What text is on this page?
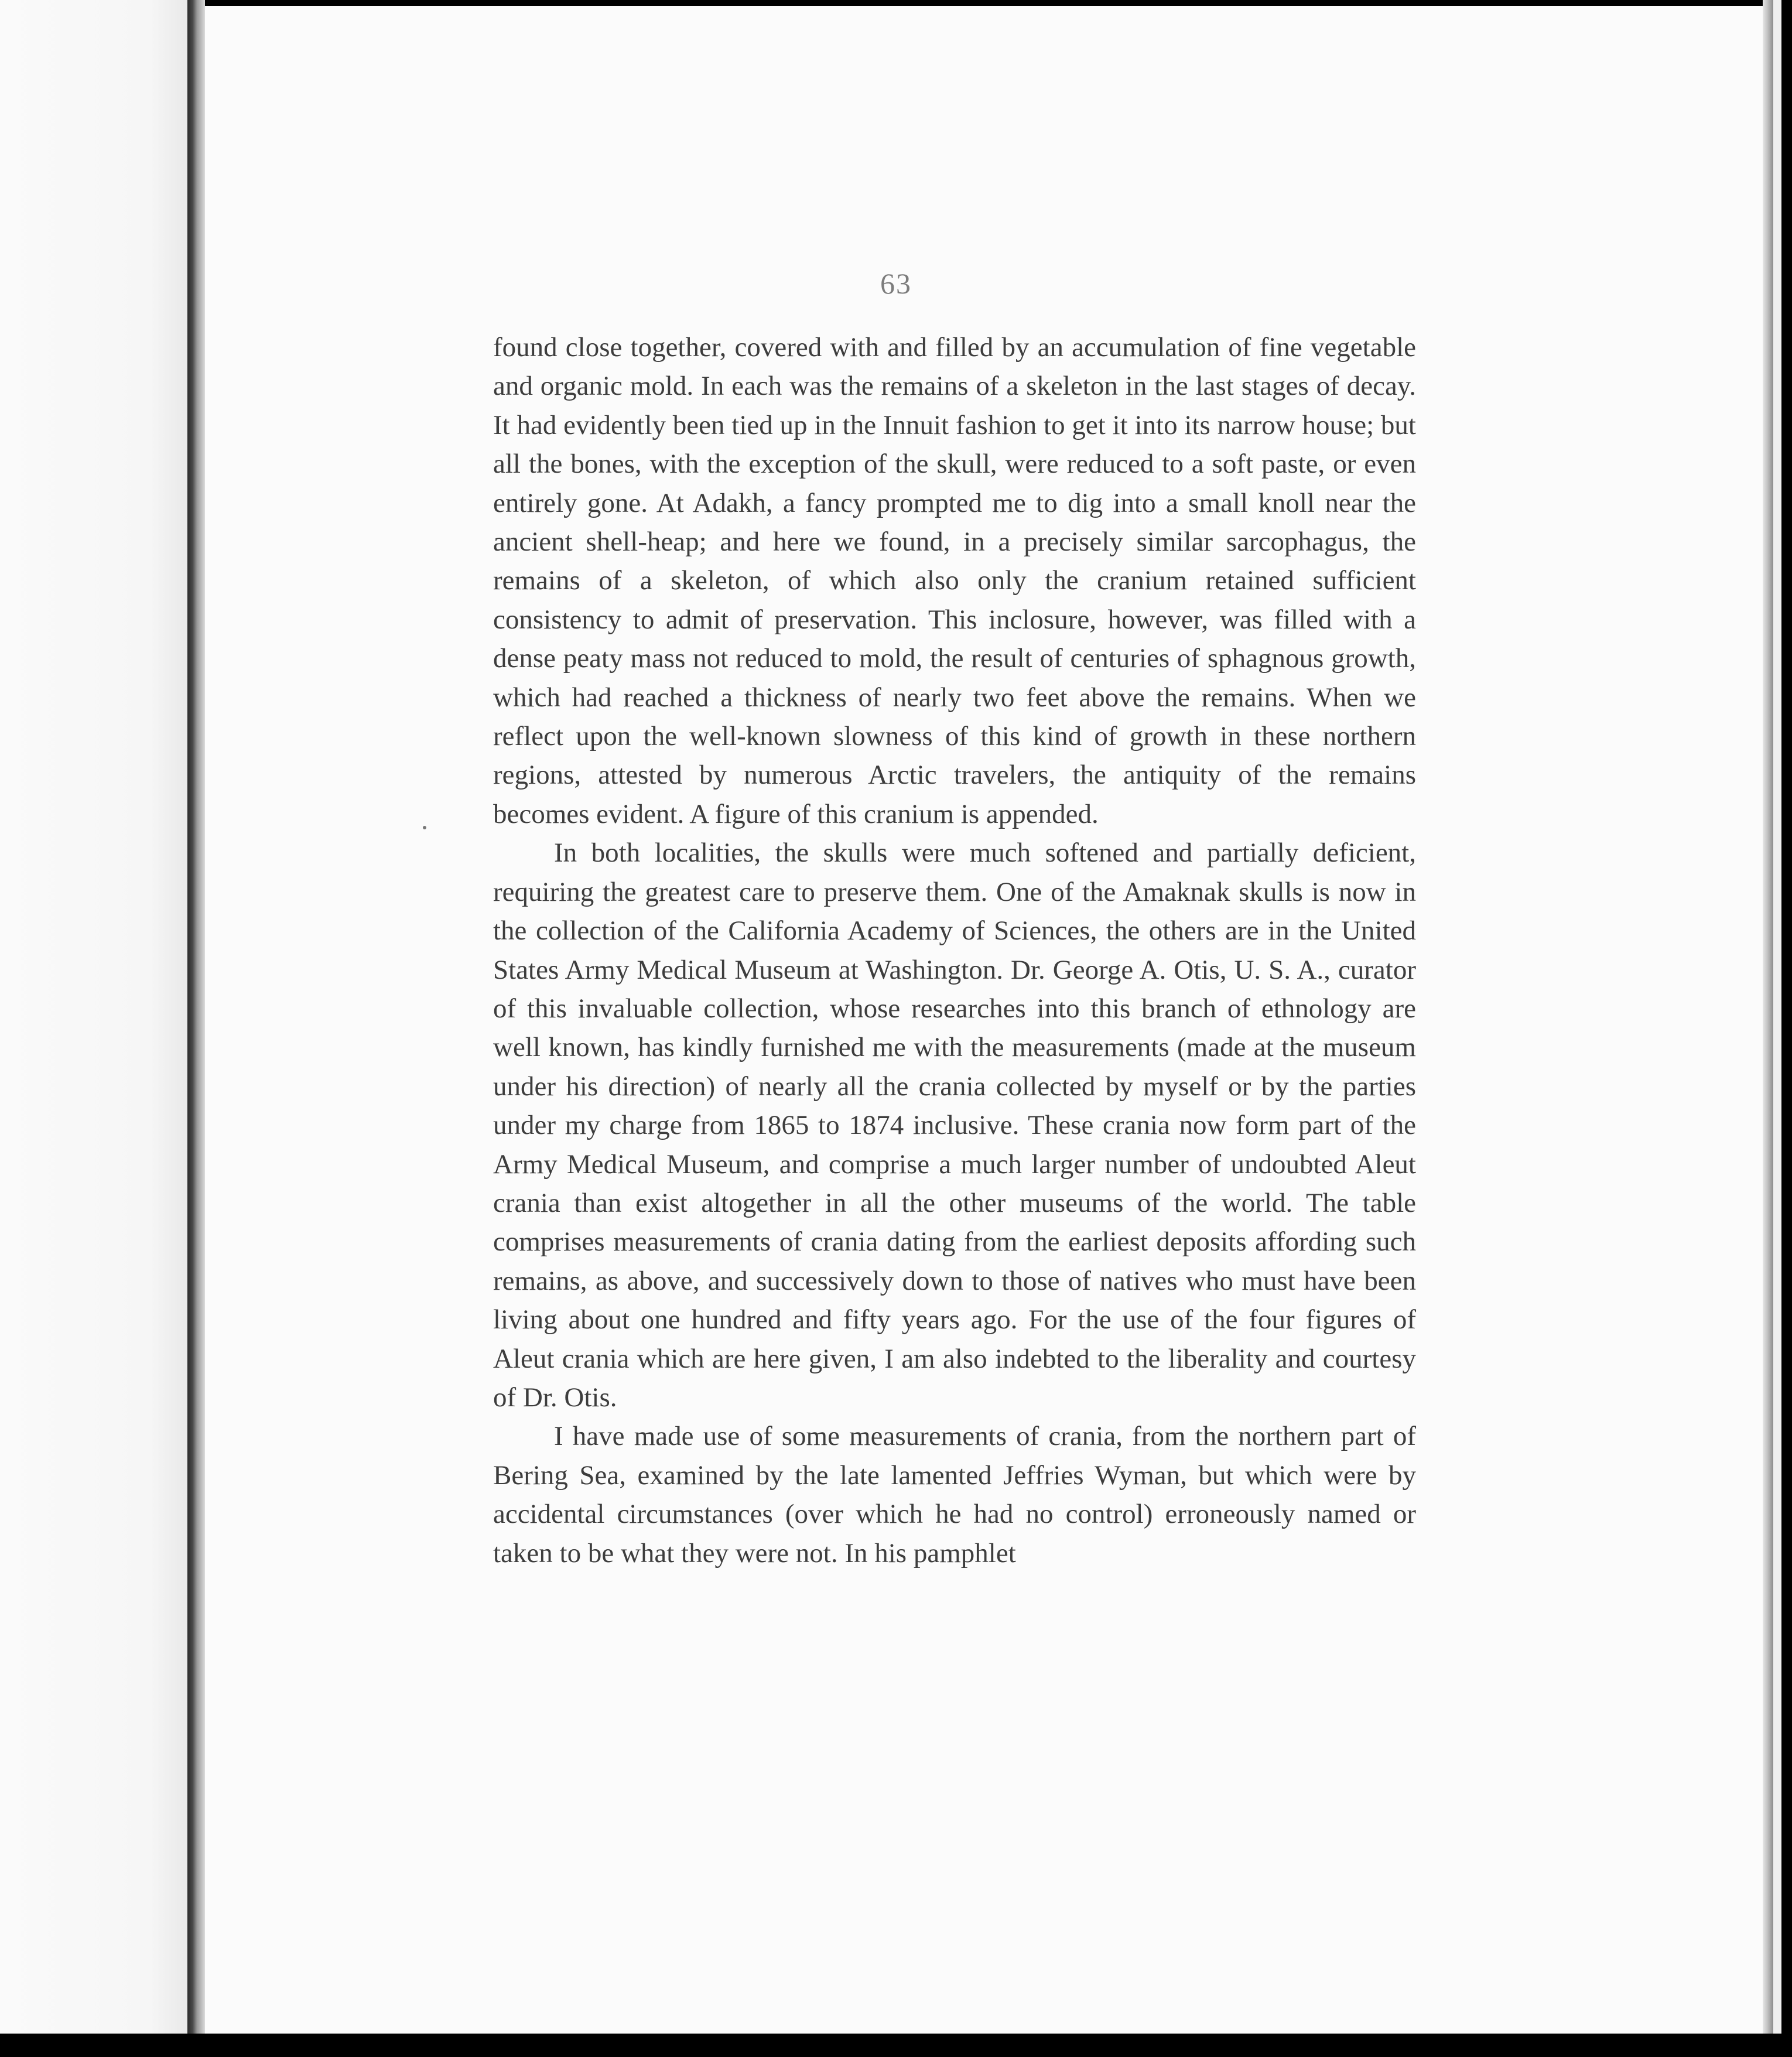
63

found close together, covered with and filled by an accumulation of fine vegetable and organic mold. In each was the remains of a skeleton in the last stages of decay. It had evidently been tied up in the Innuit fashion to get it into its narrow house; but all the bones, with the exception of the skull, were reduced to a soft paste, or even entirely gone. At Adakh, a fancy prompted me to dig into a small knoll near the ancient shell-heap; and here we found, in a precisely similar sarcophagus, the remains of a skeleton, of which also only the cranium retained sufficient consistency to admit of preservation. This inclosure, however, was filled with a dense peaty mass not reduced to mold, the result of centuries of sphagnous growth, which had reached a thickness of nearly two feet above the remains. When we reflect upon the well-known slowness of this kind of growth in these northern regions, attested by numerous Arctic travelers, the antiquity of the remains becomes evident. A figure of this cranium is appended.

In both localities, the skulls were much softened and partially deficient, requiring the greatest care to preserve them. One of the Amaknak skulls is now in the collection of the California Academy of Sciences, the others are in the United States Army Medical Museum at Washington. Dr. George A. Otis, U. S. A., curator of this invaluable collection, whose researches into this branch of ethnology are well known, has kindly furnished me with the measurements (made at the museum under his direction) of nearly all the crania collected by myself or by the parties under my charge from 1865 to 1874 inclusive. These crania now form part of the Army Medical Museum, and comprise a much larger number of undoubted Aleut crania than exist altogether in all the other museums of the world. The table comprises measurements of crania dating from the earliest deposits affording such remains, as above, and successively down to those of natives who must have been living about one hundred and fifty years ago. For the use of the four figures of Aleut crania which are here given, I am also indebted to the liberality and courtesy of Dr. Otis.

I have made use of some measurements of crania, from the northern part of Bering Sea, examined by the late lamented Jeffries Wyman, but which were by accidental circumstances (over which he had no control) erroneously named or taken to be what they were not. In his pamphlet
